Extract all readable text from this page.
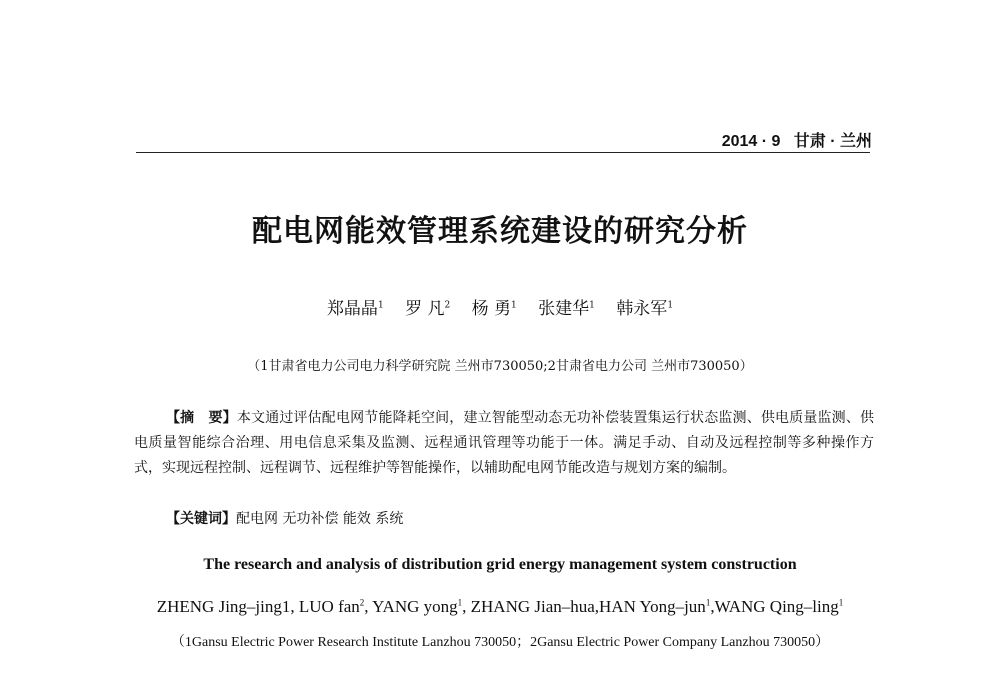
2014 · 9 甘肃 · 兰州
配电网能效管理系统建设的研究分析
郑晶晶$^1$ 罗 凡$^2$ 杨 勇$^1$ 张建华$^1$ 韩永军$^1$
（1甘肃省电力公司电力科学研究院 兰州市730050;2甘肃省电力公司 兰州市730050）

【摘　要】本文通过评估配电网节能降耗空间，建立智能型动态无功补偿装置集运行状态监测、供电质量监测、供电质量智能综合治理、用电信息采集及监测、远程通讯管理等功能于一体。满足手动、自动及远程控制等多种操作方式，实现远程控制、远程调节、远程维护等智能操作，以辅助配电网节能改造与规划方案的编制。

【关键词】配电网 无功补偿 能效 系统
The research and analysis of distribution grid energy management system construction
ZHENG Jing–jing1, LUO fan$^2$, YANG yong$^1$, ZHANG Jian–hua,HAN Yong–jun$^1$,WANG Qing–ling$^1$
（1Gansu Electric Power Research Institute Lanzhou 730050；2Gansu Electric Power Company Lanzhou 730050）
